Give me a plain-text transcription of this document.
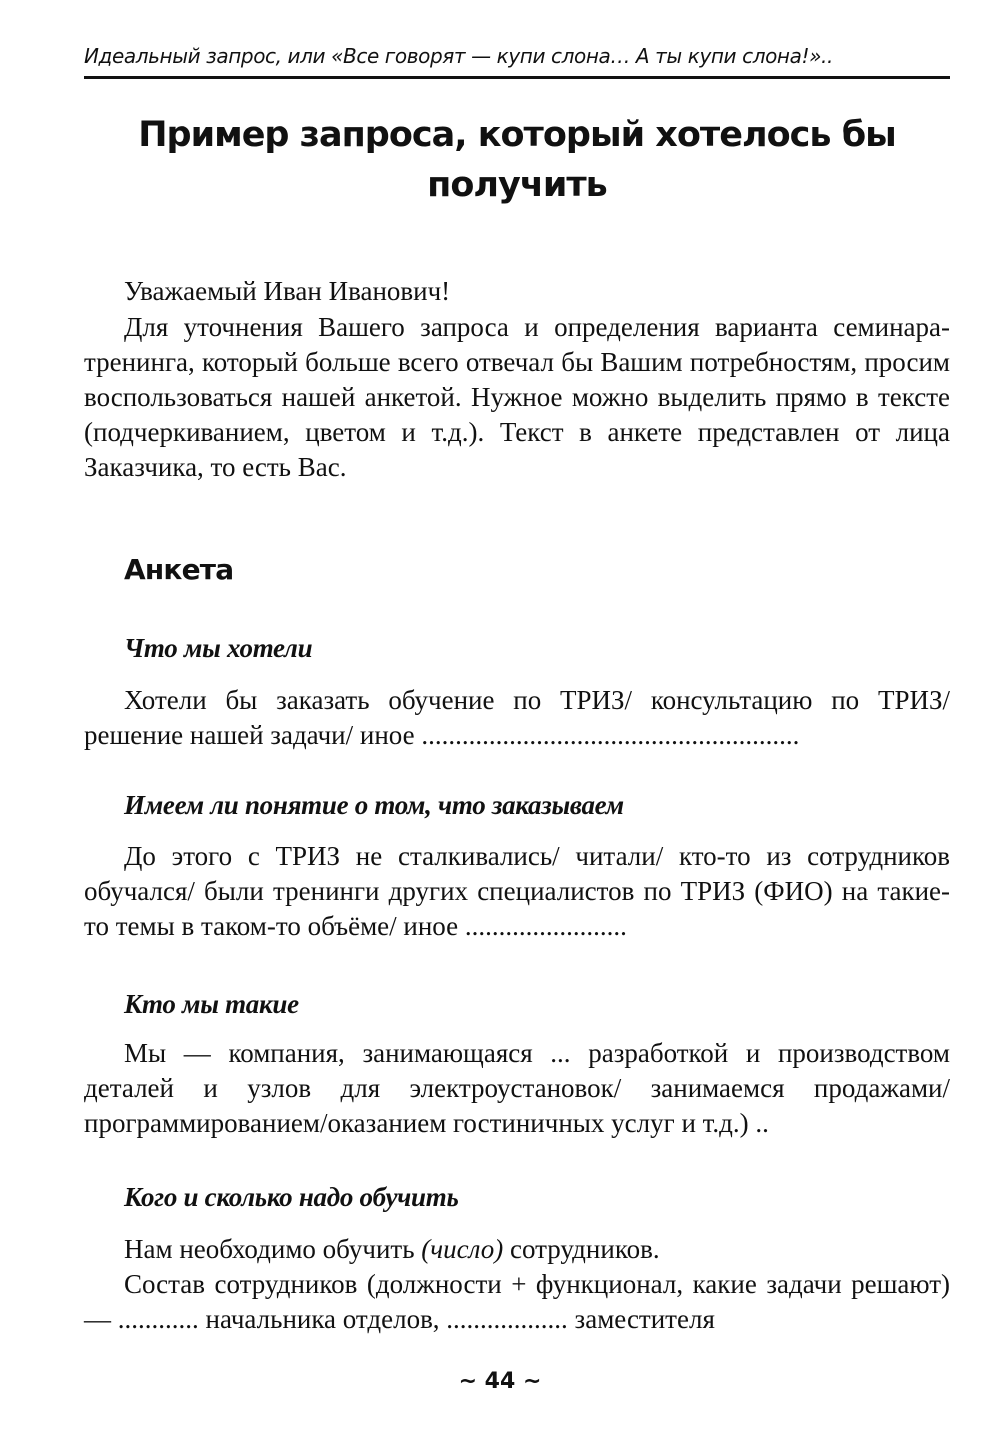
Идеальный запрос, или «Все говорят — купи слона… А ты купи слона!»..
Пример запроса, который хотелось бы получить
Уважаемый Иван Иванович!

Для уточнения Вашего запроса и определения варианта семинара-тренинга, который больше всего отвечал бы Вашим потребностям, просим воспользоваться нашей анкетой. Нужное можно выделить прямо в тексте (подчеркиванием, цветом и т.д.). Текст в анкете представлен от лица Заказчика, то есть Вас.

Анкета
Что мы хотели

Хотели бы заказать обучение по ТРИЗ/ консультацию по ТРИЗ/ решение нашей задачи/ иное ........................................................

Имеем ли понятие о том, что заказываем

До этого с ТРИЗ не сталкивались/ читали/ кто-то из сотрудников обучался/ были тренинги других специалистов по ТРИЗ (ФИО) на такие-то темы в таком-то объёме/ иное ........................

Кто мы такие

Мы — компания, занимающаяся ... разработкой и производством деталей и узлов для электроустановок/ занимаемся продажами/программированием/оказанием гостиничных услуг и т.д.) ..

Кого и сколько надо обучить

Нам необходимо обучить (число) сотрудников.

Состав сотрудников (должности + функционал, какие задачи решают) — ............ начальника отделов, .................. заместителя

~ 44 ~
